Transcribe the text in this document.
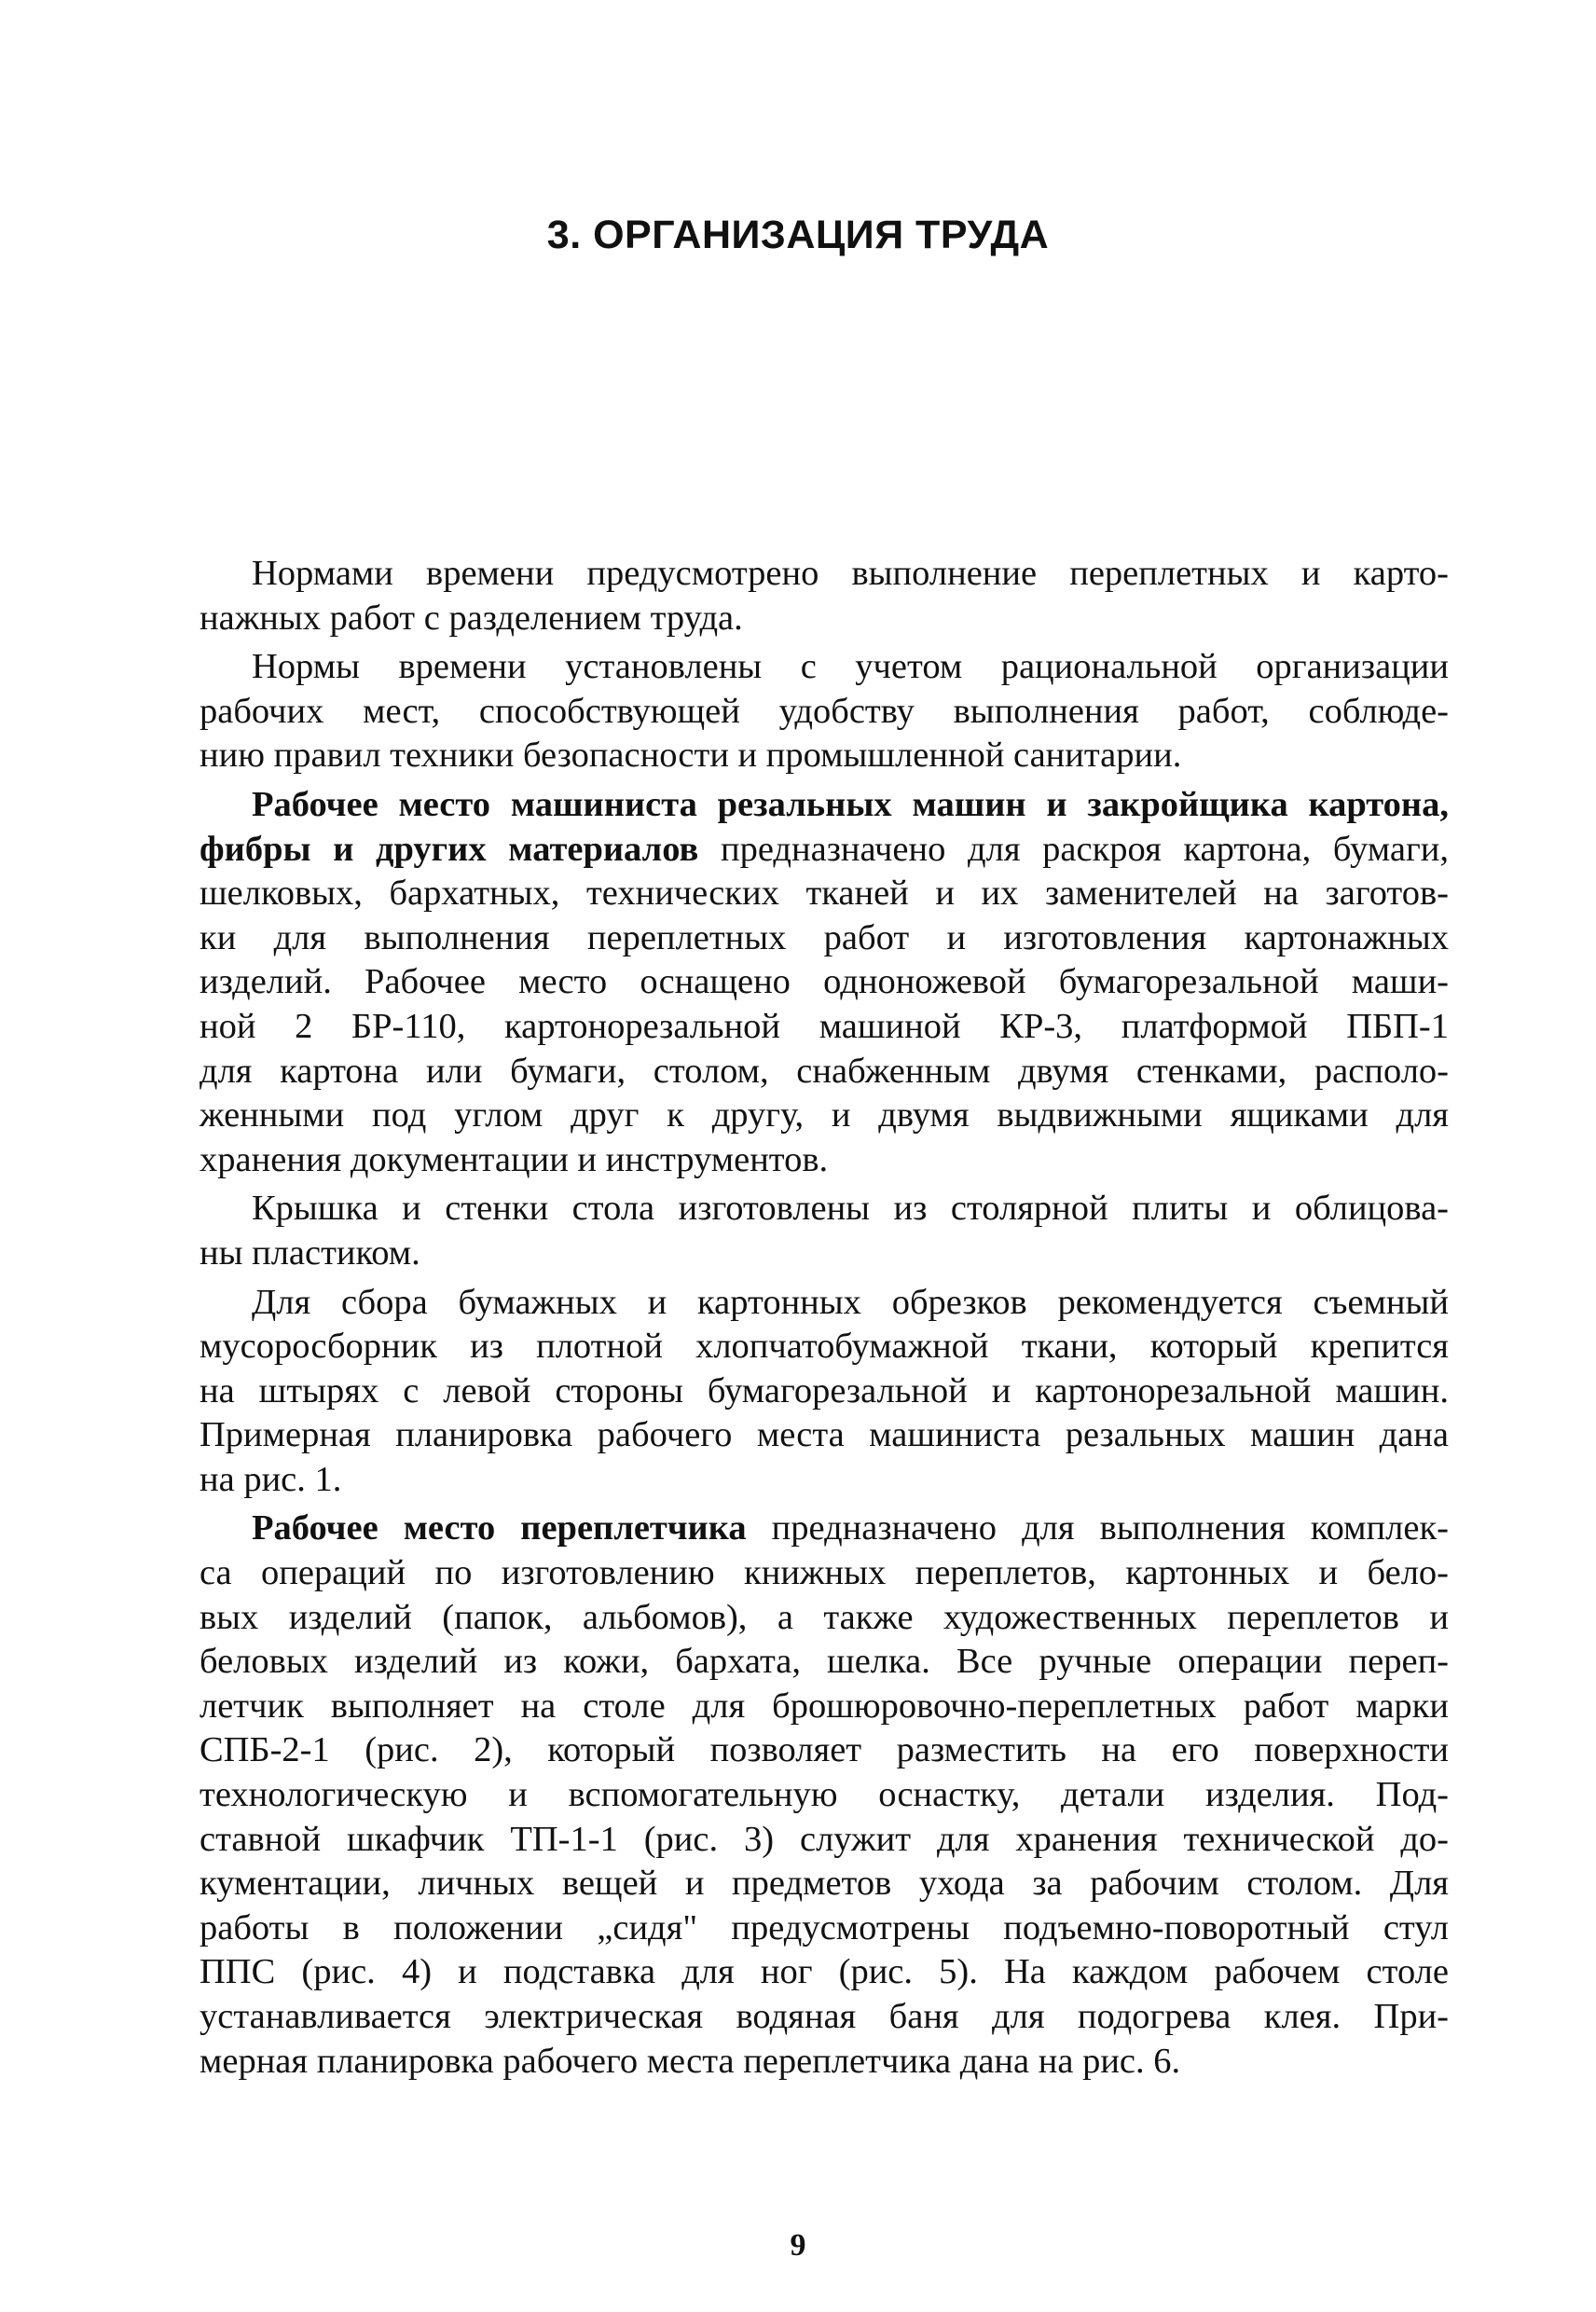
3. ОРГАНИЗАЦИЯ ТРУДА

Нормами времени предусмотрено выполнение переплетных и карто-
нажных работ с разделением труда.

Нормы времени установлены с учетом рациональной организации
рабочих мест, способствующей удобству выполнения работ, соблюде-
нию правил техники безопасности и промышленной санитарии.

Рабочее место машиниста резальных машин и закройщика картона,
фибры и других материалов предназначено для раскроя картона, бумаги,
шелковых, бархатных, технических тканей и их заменителей на заготов-
ки для выполнения переплетных работ и изготовления картонажных
изделий. Рабочее место оснащено одноножевой бумагорезальной маши-
ной 2 БР-110, картонорезальной машиной КР-3, платформой ПБП-1
для картона или бумаги, столом, снабженным двумя стенками, располо-
женными под углом друг к другу, и двумя выдвижными ящиками для
хранения документации и инструментов.

Крышка и стенки стола изготовлены из столярной плиты и облицова-
ны пластиком.

Для сбора бумажных и картонных обрезков рекомендуется съемный
мусоросборник из плотной хлопчатобумажной ткани, который крепится
на штырях с левой стороны бумагорезальной и картонорезальной машин.
Примерная планировка рабочего места машиниста резальных машин дана
на рис. 1.

Рабочее место переплетчика предназначено для выполнения комплек-
са операций по изготовлению книжных переплетов, картонных и бело-
вых изделий (папок, альбомов), а также художественных переплетов и
беловых изделий из кожи, бархата, шелка. Все ручные операции переп-
летчик выполняет на столе для брошюровочно-переплетных работ марки
СПБ-2-1 (рис. 2), который позволяет разместить на его поверхности
технологическую и вспомогательную оснастку, детали изделия. Под-
ставной шкафчик ТП-1-1 (рис. 3) служит для хранения технической до-
кументации, личных вещей и предметов ухода за рабочим столом. Для
работы в положении „сидя" предусмотрены подъемно-поворотный стул
ППС (рис. 4) и подставка для ног (рис. 5). На каждом рабочем столе
устанавливается электрическая водяная баня для подогрева клея. При-
мерная планировка рабочего места переплетчика дана на рис. 6.

9
